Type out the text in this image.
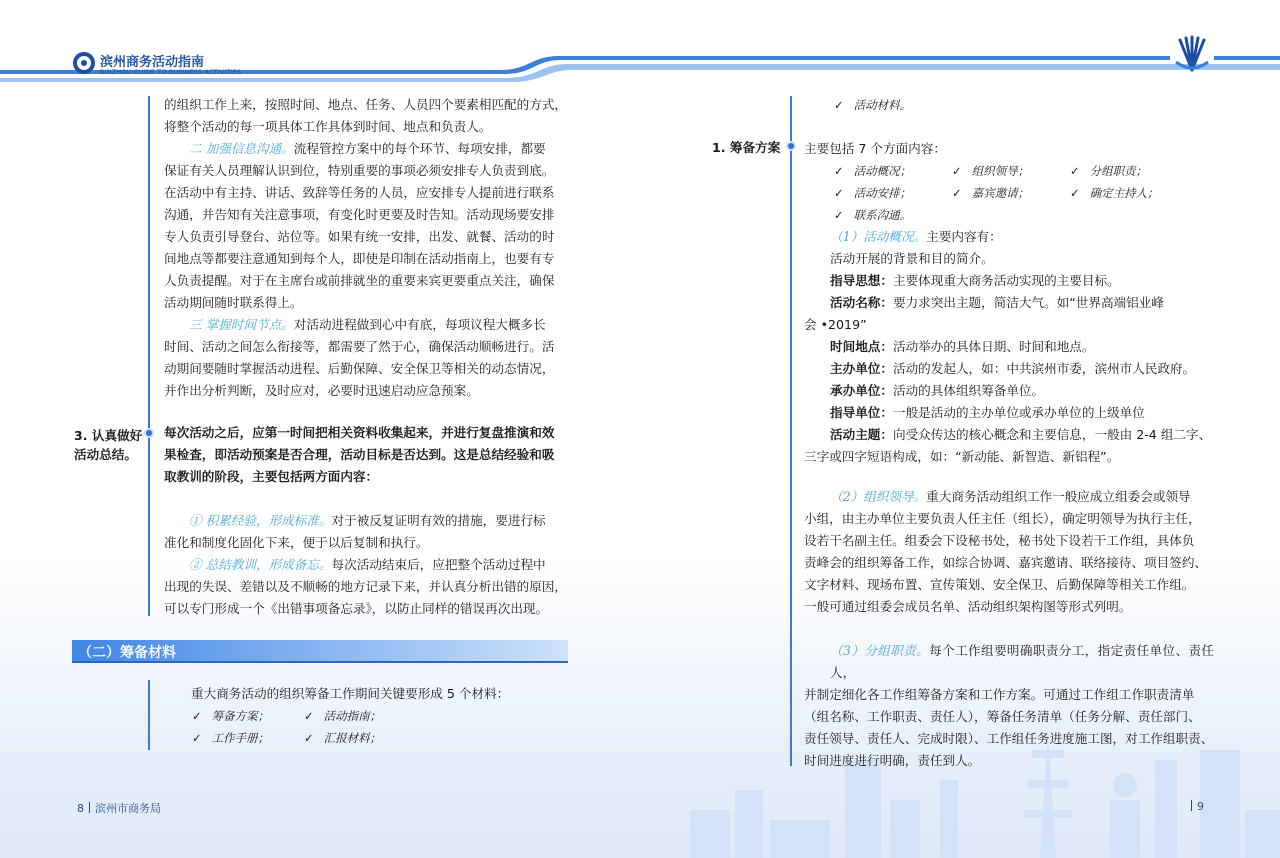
滨州商务活动指南
BINZHOU GUIDE TO BUSINESS ACTIVITIES
的组织工作上来，按照时间、地点、任务、人员四个要素相匹配的方式，
将整个活动的每一项具体工作具体到时间、地点和负责人。
二 加强信息沟通。流程管控方案中的每个环节、每项安排，都要
保证有关人员理解认识到位，特别重要的事项必须安排专人负责到底。
在活动中有主持、讲话、致辞等任务的人员，应安排专人提前进行联系
沟通，并告知有关注意事项，有变化时更要及时告知。活动现场要安排
专人负责引导登台、站位等。如果有统一安排，出发、就餐、活动的时
间地点等都要注意通知到每个人，即使是印制在活动指南上，也要有专
人负责提醒。对于在主席台或前排就坐的重要来宾更要重点关注，确保
活动期间随时联系得上。
三 掌握时间节点。对活动进程做到心中有底，每项议程大概多长
时间、活动之间怎么衔接等，都需要了然于心，确保活动顺畅进行。活
动期间要随时掌握活动进程、后勤保障、安全保卫等相关的动态情况，
并作出分析判断，及时应对，必要时迅速启动应急预案。
3. 认真做好
活动总结。
每次活动之后，应第一时间把相关资料收集起来，并进行复盘推演和效
果检查，即活动预案是否合理，活动目标是否达到。这是总结经验和吸
取教训的阶段，主要包括两方面内容：
① 积累经验，形成标准。对于被反复证明有效的措施，要进行标
准化和制度化固化下来，便于以后复制和执行。
② 总结教训，形成备忘。每次活动结束后，应把整个活动过程中
出现的失误、差错以及不顺畅的地方记录下来，并认真分析出错的原因，
可以专门形成一个《出错事项备忘录》，以防止同样的错误再次出现。
（二）筹备材料
重大商务活动的组织筹备工作期间关键要形成 5 个材料：
✓ 筹备方案；	✓ 活动指南；
✓ 工作手册；	✓ 汇报材料；
8 滨州市商务局
✓ 活动材料。
1. 筹备方案 主要包括 7 个方面内容：
✓ 活动概况；	✓ 组织领导；	✓ 分组职责；
✓ 活动安排；	✓ 嘉宾邀请；	✓ 确定主持人；
✓ 联系沟通。
（1）活动概况。主要内容有：
活动开展的背景和目的简介。
指导思想：主要体现重大商务活动实现的主要目标。
活动名称：要力求突出主题，简洁大气。如“世界高端铝业峰
会 •2019”
时间地点：活动举办的具体日期、时间和地点。
主办单位：活动的发起人，如：中共滨州市委，滨州市人民政府。
承办单位：活动的具体组织筹备单位。
指导单位：一般是活动的主办单位或承办单位的上级单位
活动主题：向受众传达的核心概念和主要信息，一般由 2-4 组二字、
三字或四字短语构成，如：“新动能、新智造、新铝程”。
（2）组织领导。重大商务活动组织工作一般应成立组委会或领导
小组，由主办单位主要负责人任主任（组长），确定明领导为执行主任，
设若干名副主任。组委会下设秘书处，秘书处下设若干工作组，具体负
责峰会的组织筹备工作，如综合协调、嘉宾邀请、联络接待、项目签约、
文字材料、现场布置、宣传策划、安全保卫、后勤保障等相关工作组。
一般可通过组委会成员名单、活动组织架构图等形式列明。
（3）分组职责。每个工作组要明确职责分工，指定责任单位、责任人，
并制定细化各工作组筹备方案和工作方案。可通过工作组工作职责清单
（组名称、工作职责、责任人），筹备任务清单（任务分解、责任部门、
责任领导、责任人、完成时限）、工作组任务进度施工图，对工作组职责、
时间进度进行明确，责任到人。
9
